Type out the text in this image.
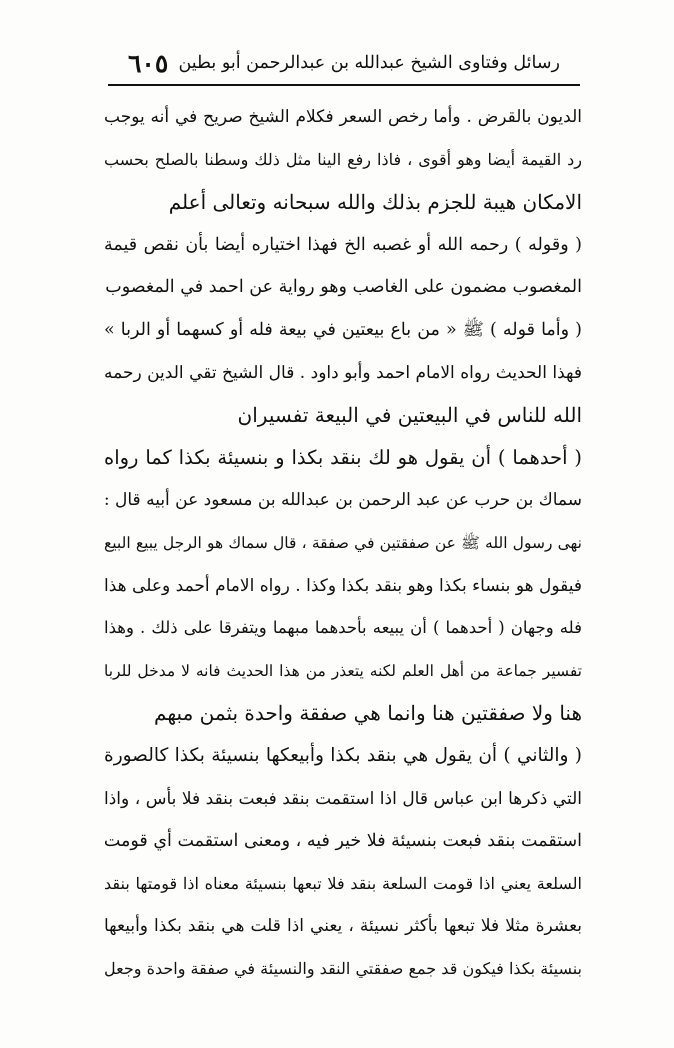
رسائل وفتاوى الشيخ عبدالله بن عبدالرحمن أبو بطين
٦٠٥
الديون بالقرض . وأما رخص السعر فكلام الشيخ صريح في أنه يوجب
رد القيمة أيضا وهو أقوى ، فاذا رفع الينا مثل ذلك وسطنا بالصلح بحسب
الامكان هيبة للجزم بذلك والله سبحانه وتعالى أعلم
( وقوله ) رحمه الله أو غصبه الخ فهذا اختياره أيضا بأن نقص قيمة
المغصوب مضمون على الغاصب وهو رواية عن احمد في المغصوب
( وأما قوله ) ﷺ « من باع بيعتين في بيعة فله أو كسهما أو الربا »
فهذا الحديث رواه الامام احمد وأبو داود . قال الشيخ تقي الدين رحمه
الله للناس في البيعتين في البيعة تفسيران
( أحدهما ) أن يقول هو لك بنقد بكذا و بنسيئة بكذا كما رواه
سماك بن حرب عن عبد الرحمن بن عبدالله بن مسعود عن أبيه قال :
نهى رسول الله ﷺ عن صفقتين في صفقة ، قال سماك هو الرجل يبيع البيع
فيقول هو بنساء بكذا وهو بنقد بكذا وكذا . رواه الامام أحمد وعلى هذا
فله وجهان ( أحدهما ) أن يبيعه بأحدهما مبهما ويتفرقا على ذلك . وهذا
تفسير جماعة من أهل العلم لكنه يتعذر من هذا الحديث فانه لا مدخل للربا
هنا ولا صفقتين هنا وانما هي صفقة واحدة بثمن مبهم
( والثاني ) أن يقول هي بنقد بكذا وأبيعكها بنسيئة بكذا كالصورة
التي ذكرها ابن عباس قال اذا استقمت بنقد فبعت بنقد فلا بأس ، واذا
استقمت بنقد فبعت بنسيئة فلا خير فيه ، ومعنى استقمت أي قومت
السلعة يعني اذا قومت السلعة بنقد فلا تبعها بنسيئة معناه اذا قومتها بنقد
بعشرة مثلا فلا تبعها بأكثر نسيئة ، يعني اذا قلت هي بنقد بكذا وأبيعها
بنسيئة بكذا فيكون قد جمع صفقتي النقد والنسيئة في صفقة واحدة وجعل
